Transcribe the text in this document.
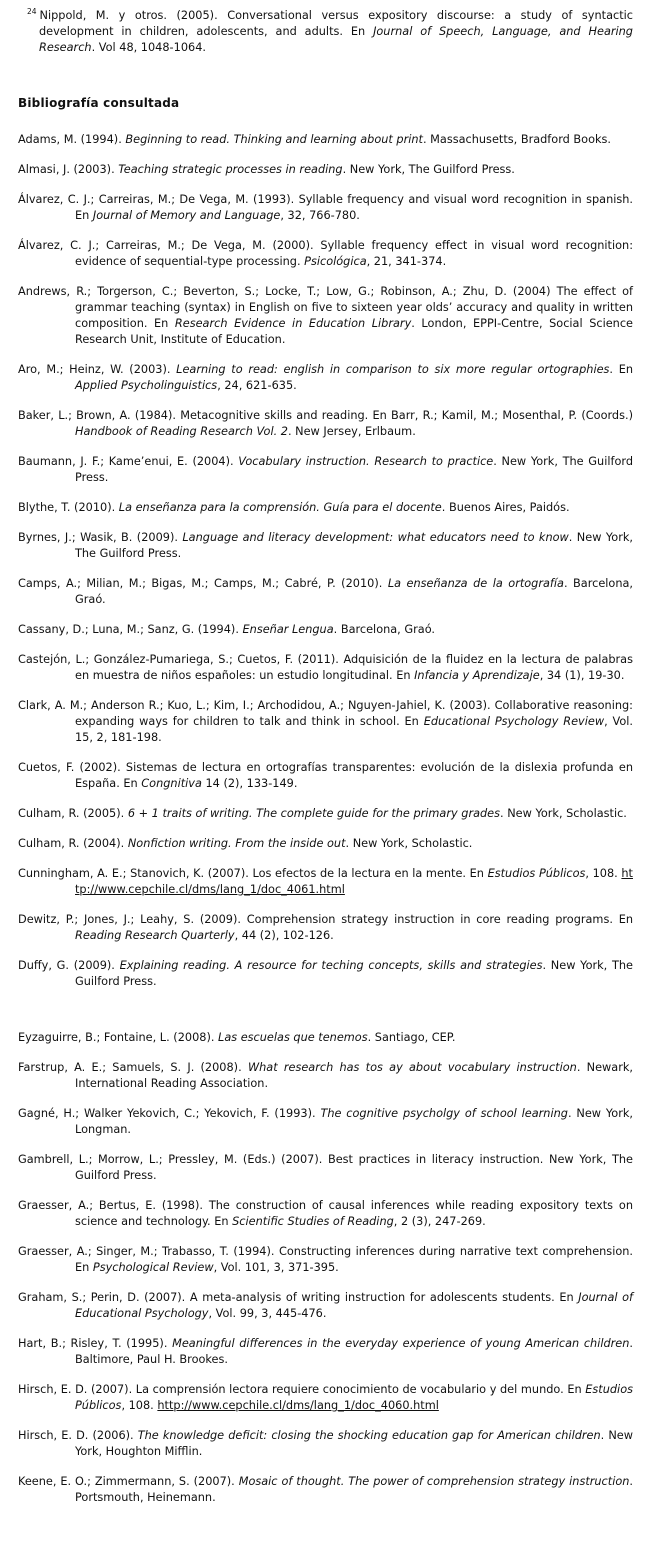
$^{24}$ Nippold, M. y otros. (2005). Conversational versus expository discourse: a study of syntactic development in children, adolescents, and adults. En Journal of Speech, Language, and Hearing Research. Vol 48, 1048-1064.

Bibliografía consultada

Adams, M. (1994). Beginning to read. Thinking and learning about print. Massachusetts, Bradford Books.

Almasi, J. (2003). Teaching strategic processes in reading. New York, The Guilford Press.

Álvarez, C. J.; Carreiras, M.; De Vega, M. (1993). Syllable frequency and visual word recognition in spanish. En Journal of Memory and Language, 32, 766-780.

Álvarez, C. J.; Carreiras, M.; De Vega, M. (2000). Syllable frequency effect in visual word recognition: evidence of sequential-type processing. Psicológica, 21, 341-374.

Andrews, R.; Torgerson, C.; Beverton, S.; Locke, T.; Low, G.; Robinson, A.; Zhu, D. (2004) The effect of grammar teaching (syntax) in English on five to sixteen year olds’ accuracy and quality in written composition. En Research Evidence in Education Library. London, EPPI-Centre, Social Science Research Unit, Institute of Education.

Aro, M.; Heinz, W. (2003). Learning to read: english in comparison to six more regular ortographies. En Applied Psycholinguistics, 24, 621-635.

Baker, L.; Brown, A. (1984). Metacognitive skills and reading. En Barr, R.; Kamil, M.; Mosenthal, P. (Coords.) Handbook of Reading Research Vol. 2. New Jersey, Erlbaum.

Baumann, J. F.; Kame’enui, E. (2004). Vocabulary instruction. Research to practice. New York, The Guilford Press.

Blythe, T. (2010). La enseñanza para la comprensión. Guía para el docente. Buenos Aires, Paidós.

Byrnes, J.; Wasik, B. (2009). Language and literacy development: what educators need to know. New York, The Guilford Press.

Camps, A.; Milian, M.; Bigas, M.; Camps, M.; Cabré, P. (2010). La enseñanza de la ortografía. Barcelona, Graó.

Cassany, D.; Luna, M.; Sanz, G. (1994). Enseñar Lengua. Barcelona, Graó.

Castejón, L.; González-Pumariega, S.; Cuetos, F. (2011). Adquisición de la fluidez en la lectura de palabras en muestra de niños españoles: un estudio longitudinal. En Infancia y Aprendizaje, 34 (1), 19-30.

Clark, A. M.; Anderson R.; Kuo, L.; Kim, I.; Archodidou, A.; Nguyen-Jahiel, K. (2003). Collaborative reasoning: expanding ways for children to talk and think in school. En Educational Psychology Review, Vol. 15, 2, 181-198.

Cuetos, F. (2002). Sistemas de lectura en ortografías transparentes: evolución de la dislexia profunda en España. En Congnitiva 14 (2), 133-149.

Culham, R. (2005). 6 + 1 traits of writing. The complete guide for the primary grades. New York, Scholastic.

Culham, R. (2004). Nonfiction writing. From the inside out. New York, Scholastic.

Cunningham, A. E.; Stanovich, K. (2007). Los efectos de la lectura en la mente. En Estudios Públicos, 108. http://www.cepchile.cl/dms/lang_1/doc_4061.html

Dewitz, P.; Jones, J.; Leahy, S. (2009). Comprehension strategy instruction in core reading programs. En Reading Research Quarterly, 44 (2), 102-126.

Duffy, G. (2009). Explaining reading. A resource for teching concepts, skills and strategies. New York, The Guilford Press.

Eyzaguirre, B.; Fontaine, L. (2008). Las escuelas que tenemos. Santiago, CEP.

Farstrup, A. E.; Samuels, S. J. (2008). What research has tos ay about vocabulary instruction. Newark, International Reading Association.

Gagné, H.; Walker Yekovich, C.; Yekovich, F. (1993). The cognitive psycholgy of school learning. New York, Longman.

Gambrell, L.; Morrow, L.; Pressley, M. (Eds.) (2007). Best practices in literacy instruction. New York, The Guilford Press.

Graesser, A.; Bertus, E. (1998). The construction of causal inferences while reading expository texts on science and technology. En Scientific Studies of Reading, 2 (3), 247-269.

Graesser, A.; Singer, M.; Trabasso, T. (1994). Constructing inferences during narrative text comprehension. En Psychological Review, Vol. 101, 3, 371-395.

Graham, S.; Perin, D. (2007). A meta-analysis of writing instruction for adolescents students. En Journal of Educational Psychology, Vol. 99, 3, 445-476.

Hart, B.; Risley, T. (1995). Meaningful differences in the everyday experience of young American children. Baltimore, Paul H. Brookes.

Hirsch, E. D. (2007). La comprensión lectora requiere conocimiento de vocabulario y del mundo. En Estudios Públicos, 108. http://www.cepchile.cl/dms/lang_1/doc_4060.html

Hirsch, E. D. (2006). The knowledge deficit: closing the shocking education gap for American children. New York, Houghton Mifflin.

Keene, E. O.; Zimmermann, S. (2007). Mosaic of thought. The power of comprehension strategy instruction. Portsmouth, Heinemann.
